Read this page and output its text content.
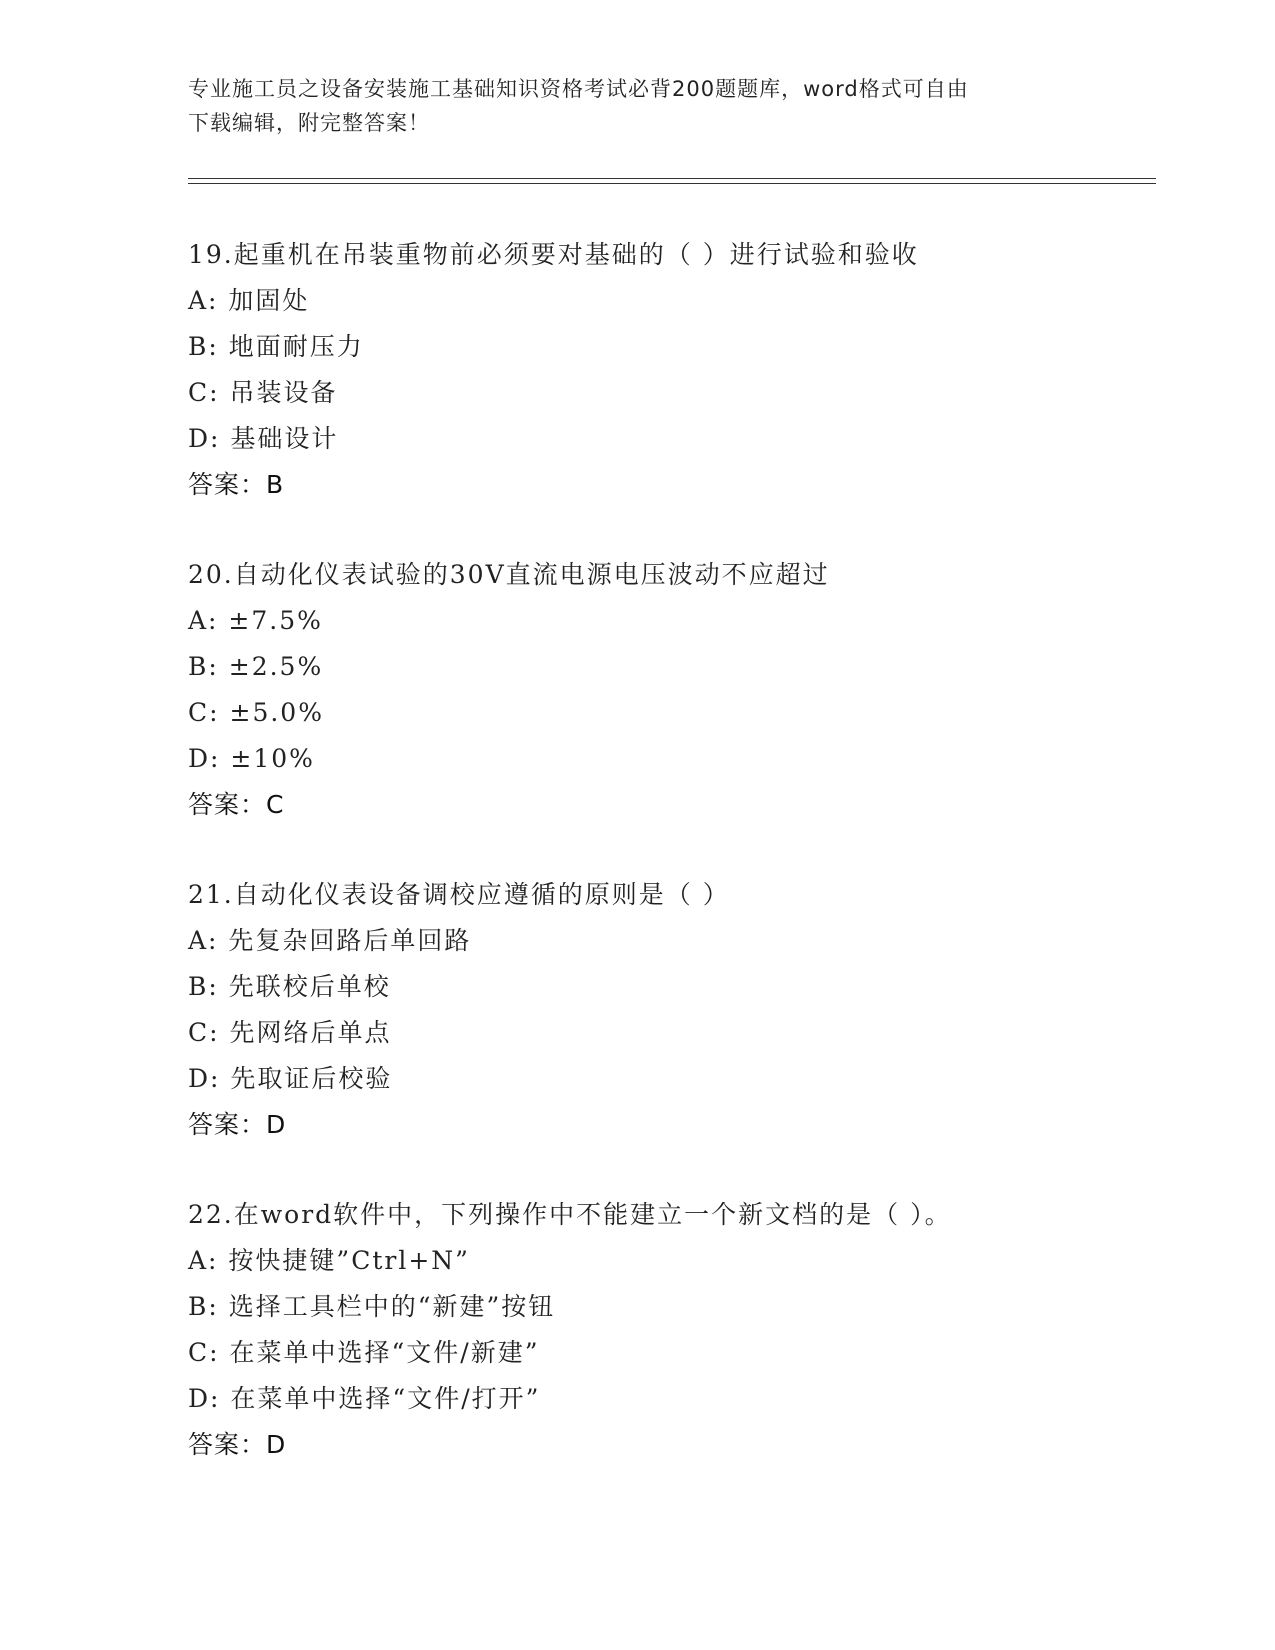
专业施工员之设备安装施工基础知识资格考试必背200题题库，word格式可自由
下载编辑，附完整答案！
19.起重机在吊装重物前必须要对基础的（ ）进行试验和验收
A: 加固处
B: 地面耐压力
C: 吊装设备
D: 基础设计
答案：B
20.自动化仪表试验的30V直流电源电压波动不应超过
A: ±7.5%
B: ±2.5%
C: ±5.0%
D: ±10%
答案：C
21.自动化仪表设备调校应遵循的原则是（ ）
A: 先复杂回路后单回路
B: 先联校后单校
C: 先网络后单点
D: 先取证后校验
答案：D
22.在word软件中，下列操作中不能建立一个新文档的是（ ）。
A: 按快捷键”Ctrl+N”
B: 选择工具栏中的“新建”按钮
C: 在菜单中选择“文件/新建”
D: 在菜单中选择“文件/打开”
答案：D
